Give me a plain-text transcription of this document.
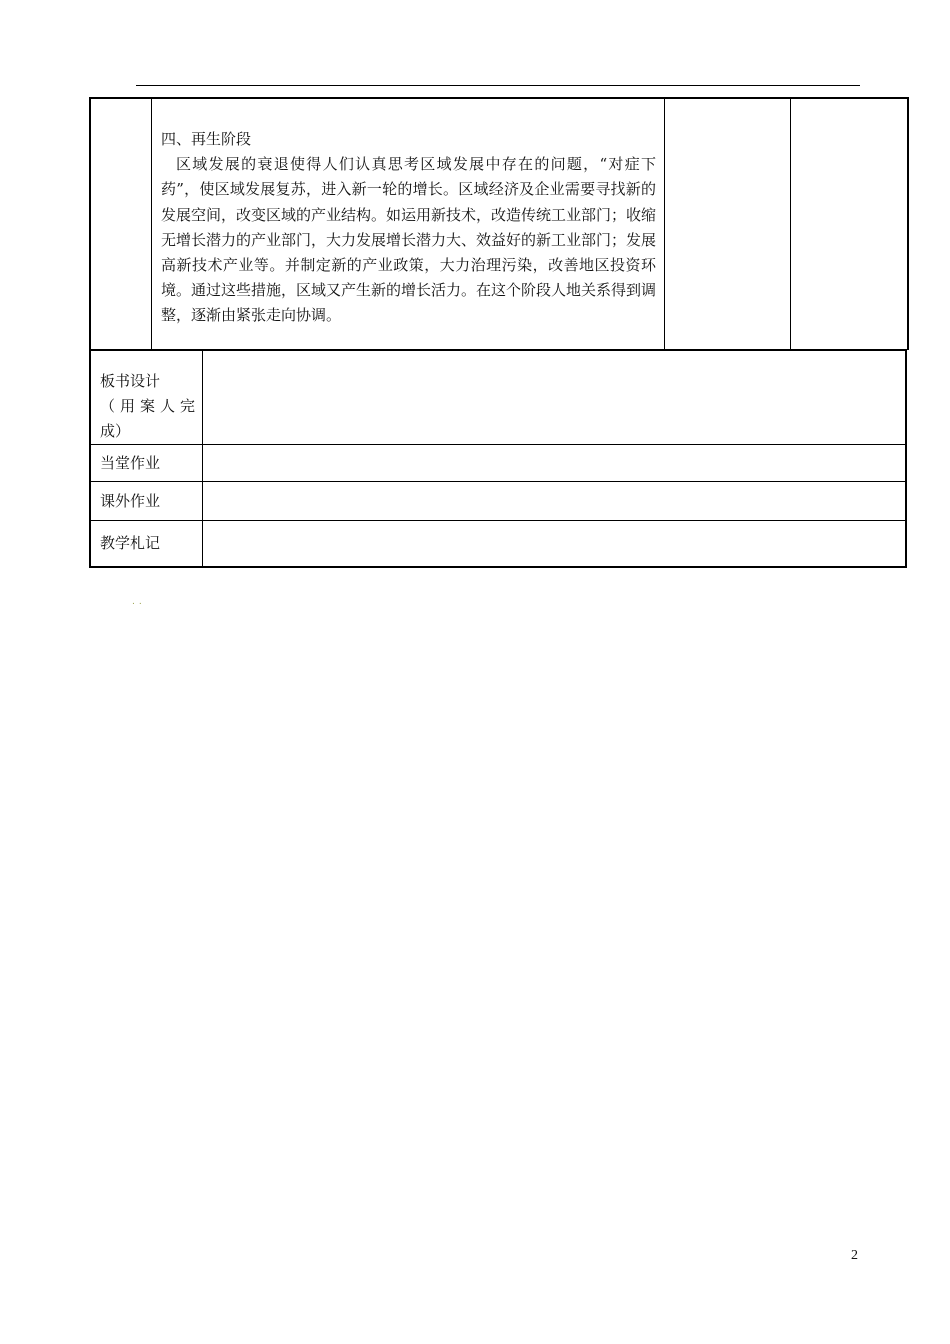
四、再生阶段
区域发展的衰退使得人们认真思考区域发展中存在的问题，“对症下药”，使区域发展复苏，进入新一轮的增长。区域经济及企业需要寻找新的发展空间，改变区域的产业结构。如运用新技术，改造传统工业部门；收缩无增长潜力的产业部门，大力发展增长潜力大、效益好的新工业部门；发展高新技术产业等。并制定新的产业政策，大力治理污染，改善地区投资环境。通过这些措施，区域又产生新的增长活力。在这个阶段人地关系得到调整，逐渐由紧张走向协调。

板书设计
（用案人完
成）	

当堂作业	
课外作业	
教学札记	
..
2
